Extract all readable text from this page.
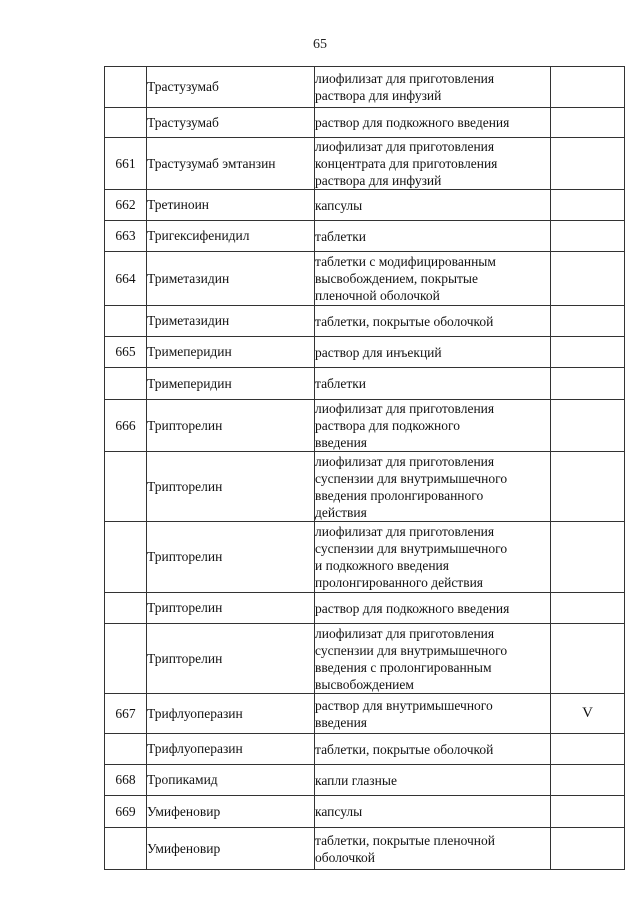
65
	Трастузумаб	лиофилизат для приготовления
раствора для инфузий	

	Трастузумаб	раствор для подкожного введения	

661	Трастузумаб эмтанзин	лиофилизат для приготовления
концентрата для приготовления
раствора для инфузий	

662	Третиноин	капсулы	

663	Тригексифенидил	таблетки	

664	Триметазидин	таблетки с модифицированным
высвобождением, покрытые
пленочной оболочкой	

	Триметазидин	таблетки, покрытые оболочкой	

665	Тримеперидин	раствор для инъекций	

	Тримеперидин	таблетки	

666	Трипторелин	лиофилизат для приготовления
раствора для подкожного
введения	

	Трипторелин	лиофилизат для приготовления
суспензии для внутримышечного
введения пролонгированного
действия	

	Трипторелин	лиофилизат для приготовления
суспензии для внутримышечного
и подкожного введения
пролонгированного действия	

	Трипторелин	раствор для подкожного введения	

	Трипторелин	лиофилизат для приготовления
суспензии для внутримышечного
введения с пролонгированным
высвобождением	

667	Трифлуоперазин	раствор для внутримышечного
введения	V
	Трифлуоперазин	таблетки, покрытые оболочкой	

668	Тропикамид	капли глазные	

669	Умифеновир	капсулы	

	Умифеновир	таблетки, покрытые пленочной
оболочкой	
